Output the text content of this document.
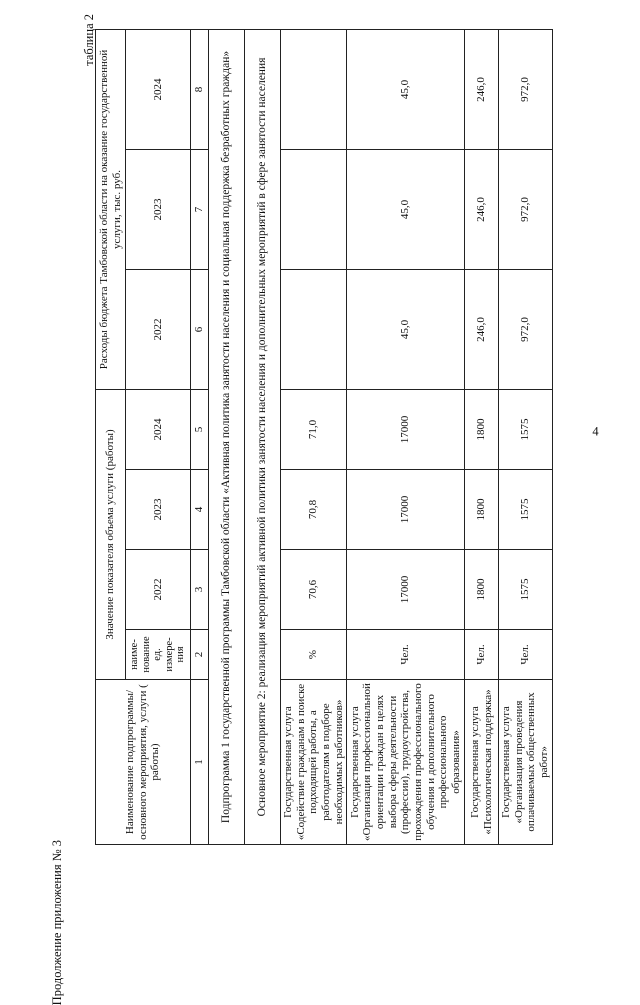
Продолжение приложения № 3
4
таблица 2
Наименование подпрограммы/ основного мероприятия, услуги ( работы)	Значение показателя объема услуги (работы)				Расходы бюджета Тамбовской области на оказание государственной услуги, тыс. руб.		
	наиме-нование ед. измере-ния	2022	2023	2024	2022	2023	2024
1	2	3	4	5	6	7	8
Подпрограмма 1 государственной программы Тамбовской области «Активная политика занятости населения и социальная поддержка безработных граждан»							
Основное мероприятие 2: реализация мероприятий активной политики занятости населения и дополнительных мероприятий в сфере занятости населения							
Государственная услуга «Содействие гражданам в поиске подходящей работы, а работодателям в подборе необходимых работников»	%	70,6	70,8	71,0			
Государственная услуга «Организация профессиональной ориентации граждан в целях выбора сферы деятельности (профессии), трудоустройства, прохождения профессионального обучения и дополнительного профессионального образования»	Чел.	17000	17000	17000	45,0	45,0	45,0
Государственная услуга «Психологическая поддержка»	Чел.	1800	1800	1800	246,0	246,0	246,0
Государственная услуга «Организация проведения оплачиваемых общественных работ»	Чел.	1575	1575	1575	972,0	972,0	972,0
